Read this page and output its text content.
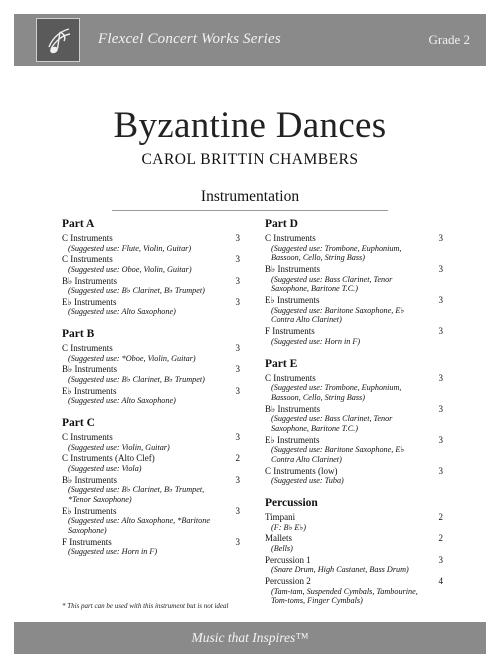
Flexcel Concert Works Series	Grade 2
Byzantine Dances
CAROL BRITTIN CHAMBERS
Instrumentation
Part A
C Instruments	3
(Suggested use: Flute, Violin, Guitar)
C Instruments	3
(Suggested use: Oboe, Violin, Guitar)
B♭ Instruments	3
(Suggested use: B♭ Clarinet, B♭ Trumpet)
E♭ Instruments	3
(Suggested use: Alto Saxophone)
Part B
C Instruments	3
(Suggested use: *Oboe, Violin, Guitar)
B♭ Instruments	3
(Suggested use: B♭ Clarinet, B♭ Trumpet)
E♭ Instruments	3
(Suggested use: Alto Saxophone)
Part C
C Instruments	3
(Suggested use: Violin, Guitar)
C Instruments (Alto Clef)	2
(Suggested use: Viola)
B♭ Instruments	3
(Suggested use: B♭ Clarinet, B♭ Trumpet, *Tenor Saxophone)
E♭ Instruments	3
(Suggested use: Alto Saxophone, *Baritone Saxophone)
F Instruments	3
(Suggested use: Horn in F)
Part D
C Instruments	3
(Suggested use: Trombone, Euphonium, Bassoon, Cello, String Bass)
B♭ Instruments	3
(Suggested use: Bass Clarinet, Tenor Saxophone, Baritone T.C.)
E♭ Instruments	3
(Suggested use: Baritone Saxophone, E♭ Contra Alto Clarinet)
F Instruments	3
(Suggested use: Horn in F)
Part E
C Instruments	3
(Suggested use: Trombone, Euphonium, Bassoon, Cello, String Bass)
B♭ Instruments	3
(Suggested use: Bass Clarinet, Tenor Saxophone, Baritone T.C.)
E♭ Instruments	3
(Suggested use: Baritone Saxophone, E♭ Contra Alto Clarinet)
C Instruments (low)	3
(Suggested use: Tuba)
Percussion
Timpani	2
(F: B♭ E♭)
Mallets	2
(Bells)
Percussion 1	3
(Snare Drum, High Castanet, Bass Drum)
Percussion 2	4
(Tam-tam, Suspended Cymbals, Tambourine, Tom-toms, Finger Cymbals)
* This part can be used with this instrument but is not ideal
Music that Inspires™
